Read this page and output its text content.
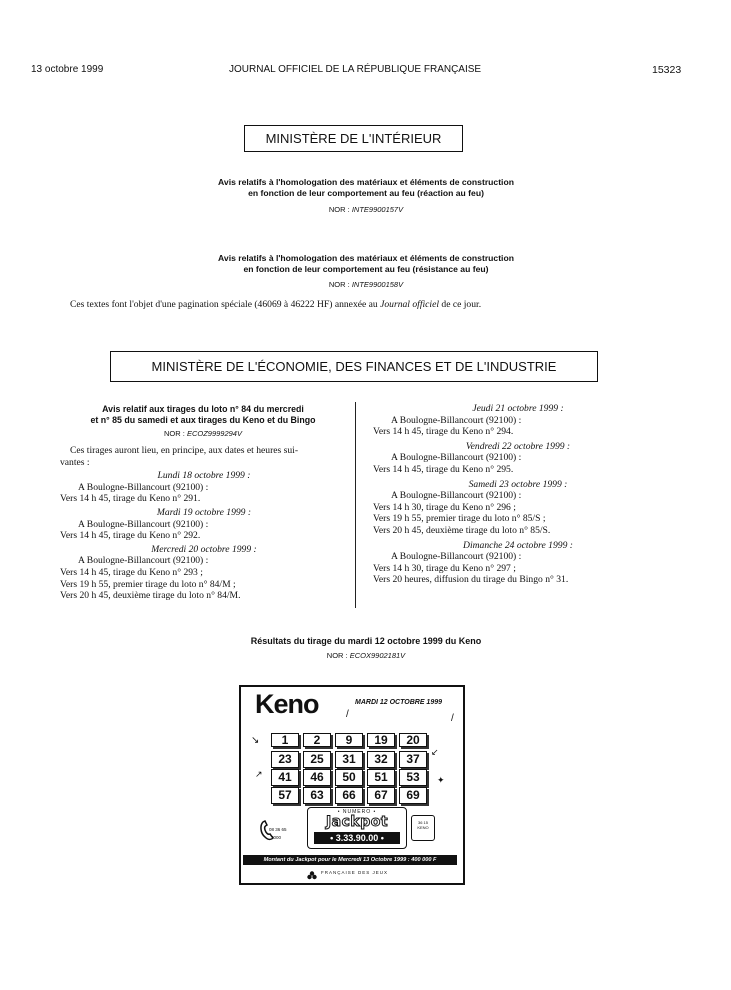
13 octobre 1999	JOURNAL OFFICIEL DE LA RÉPUBLIQUE FRANÇAISE	15323
MINISTÈRE DE L'INTÉRIEUR
Avis relatifs à l'homologation des matériaux et éléments de construction
en fonction de leur comportement au feu (réaction au feu)
NOR : INTE9900157V
Avis relatifs à l'homologation des matériaux et éléments de construction
en fonction de leur comportement au feu (résistance au feu)
NOR : INTE9900158V
Ces textes font l'objet d'une pagination spéciale (46069 à 46222 HF) annexée au Journal officiel de ce jour.
MINISTÈRE DE L'ÉCONOMIE, DES FINANCES ET DE L'INDUSTRIE
Avis relatif aux tirages du loto n° 84 du mercredi
et n° 85 du samedi et aux tirages du Keno et du Bingo
NOR : ECOZ9999294V
Ces tirages auront lieu, en principe, aux dates et heures sui-
vantes :
Lundi 18 octobre 1999 :
A Boulogne-Billancourt (92100) :
Vers 14 h 45, tirage du Keno n° 291.
Mardi 19 octobre 1999 :
A Boulogne-Billancourt (92100) :
Vers 14 h 45, tirage du Keno n° 292.
Mercredi 20 octobre 1999 :
A Boulogne-Billancourt (92100) :
Vers 14 h 45, tirage du Keno n° 293 ;
Vers 19 h 55, premier tirage du loto n° 84/M ;
Vers 20 h 45, deuxième tirage du loto n° 84/M.
Jeudi 21 octobre 1999 :
A Boulogne-Billancourt (92100) :
Vers 14 h 45, tirage du Keno n° 294.
Vendredi 22 octobre 1999 :
A Boulogne-Billancourt (92100) :
Vers 14 h 45, tirage du Keno n° 295.
Samedi 23 octobre 1999 :
A Boulogne-Billancourt (92100) :
Vers 14 h 30, tirage du Keno n° 296 ;
Vers 19 h 55, premier tirage du loto n° 85/S ;
Vers 20 h 45, deuxième tirage du loto n° 85/S.
Dimanche 24 octobre 1999 :
A Boulogne-Billancourt (92100) :
Vers 14 h 30, tirage du Keno n° 297 ;
Vers 20 heures, diffusion du tirage du Bingo n° 31.
Résultats du tirage du mardi 12 octobre 1999 du Keno
NOR : ECOX9902181V
Keno	MARDI 12 OCTOBRE 1999
/	/
↘
↗
↙
✦
1	2	9	19	20
23	25	31	32	37
41	46	50	51	53
57	63	66	67	69
• NUMERO •
Jackpot
• 3.33.90.00 •
08 36 65
7000
36 15 KENO
Montant du Jackpot pour le Mercredi 13 Octobre 1999 : 400 000 F
FRANÇAISE DES JEUX
